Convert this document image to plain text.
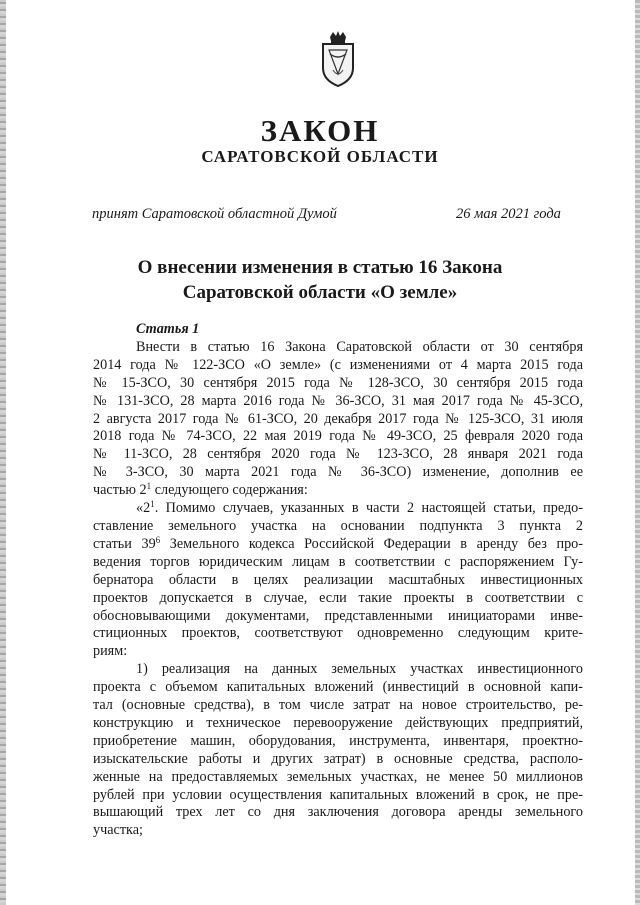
ЗАКОН
САРАТОВСКОЙ ОБЛАСТИ
принят Саратовской областной Думой	26 мая 2021 года
О внесении изменения в статью 16 Закона
Саратовской области «О земле»
Статья 1
Внести в статью 16 Закона Саратовской области от 30 сентября
2014 года № 122-ЗСО «О земле» (с изменениями от 4 марта 2015 года
№ 15-ЗСО, 30 сентября 2015 года № 128-ЗСО, 30 сентября 2015 года
№ 131-ЗСО, 28 марта 2016 года № 36-ЗСО, 31 мая 2017 года № 45-ЗСО,
2 августа 2017 года № 61-ЗСО, 20 декабря 2017 года № 125-ЗСО, 31 июля
2018 года № 74-ЗСО, 22 мая 2019 года № 49-ЗСО, 25 февраля 2020 года
№ 11-ЗСО, 28 сентября 2020 года № 123-ЗСО, 28 января 2021 года
№ 3-ЗСО, 30 марта 2021 года № 36-ЗСО) изменение, дополнив ее
частью $2^1$ следующего содержания:
«$2^1$. Помимо случаев, указанных в части 2 настоящей статьи, предо-
ставление земельного участка на основании подпункта 3 пункта 2
статьи $39^6$ Земельного кодекса Российской Федерации в аренду без про-
ведения торгов юридическим лицам в соответствии с распоряжением Гу-
бернатора области в целях реализации масштабных инвестиционных
проектов допускается в случае, если такие проекты в соответствии с
обосновывающими документами, представленными инициаторами инве-
стиционных проектов, соответствуют одновременно следующим крите-
риям:
1) реализация на данных земельных участках инвестиционного
проекта с объемом капитальных вложений (инвестиций в основной капи-
тал (основные средства), в том числе затрат на новое строительство, ре-
конструкцию и техническое перевооружение действующих предприятий,
приобретение машин, оборудования, инструмента, инвентаря, проектно-
изыскательские работы и других затрат) в основные средства, располо-
женные на предоставляемых земельных участках, не менее 50 миллионов
рублей при условии осуществления капитальных вложений в срок, не пре-
вышающий трех лет со дня заключения договора аренды земельного
участка;
